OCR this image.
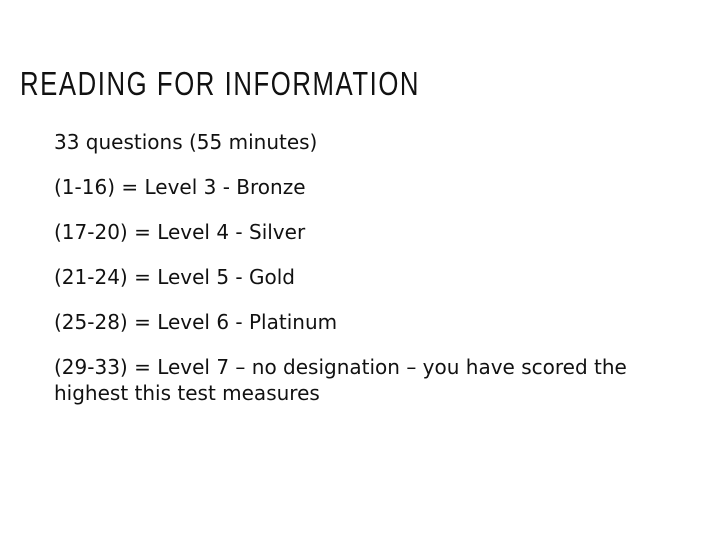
READING FOR INFORMATION
33 questions (55 minutes)
(1-16) = Level 3 - Bronze
(17-20) = Level 4 - Silver
(21-24) = Level 5 - Gold
(25-28) = Level 6 - Platinum
(29-33) = Level 7 – no designation – you have scored the highest this test measures
